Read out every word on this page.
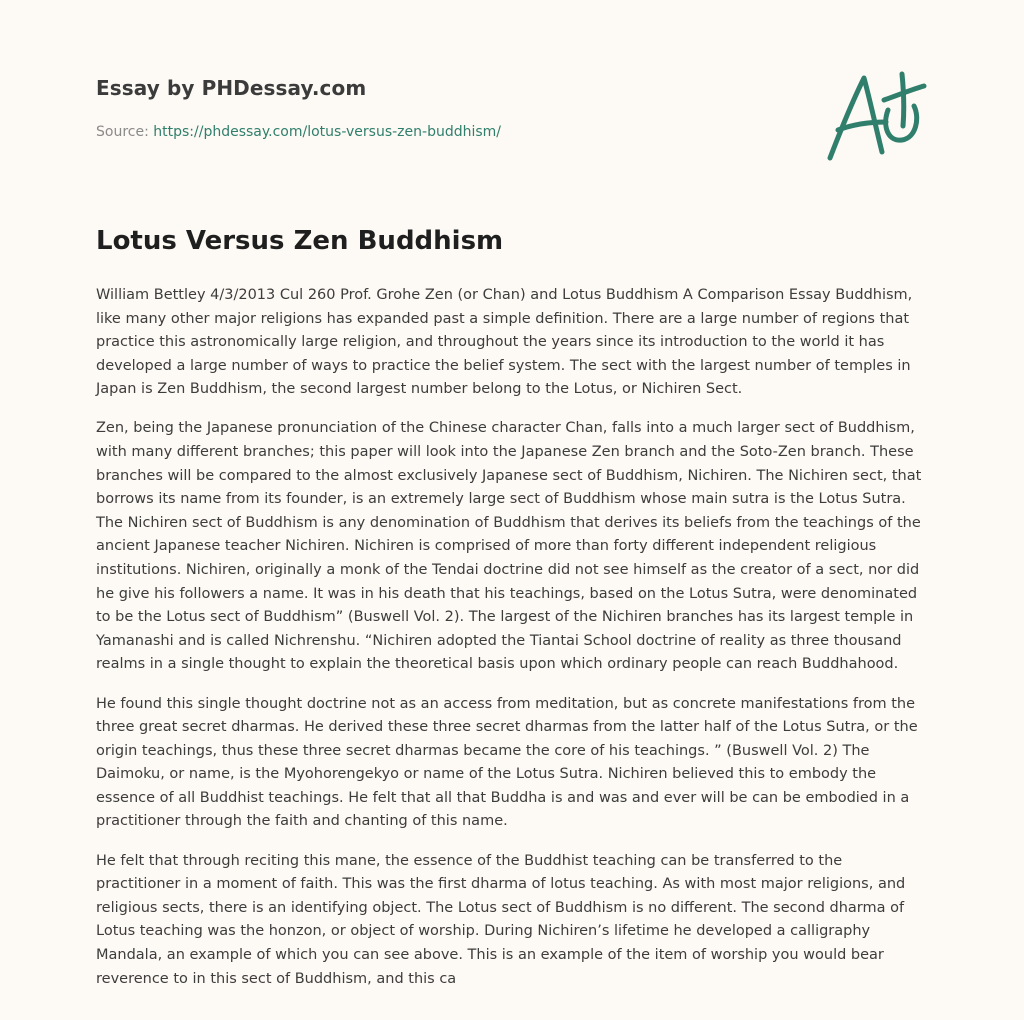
Essay by PHDessay.com
Source: https://phdessay.com/lotus-versus-zen-buddhism/
Lotus Versus Zen Buddhism

William Bettley 4/3/2013 Cul 260 Prof. Grohe Zen (or Chan) and Lotus Buddhism A Comparison Essay Buddhism, like many other major religions has expanded past a simple definition. There are a large number of regions that practice this astronomically large religion, and throughout the years since its introduction to the world it has developed a large number of ways to practice the belief system. The sect with the largest number of temples in Japan is Zen Buddhism, the second largest number belong to the Lotus, or Nichiren Sect.

Zen, being the Japanese pronunciation of the Chinese character Chan, falls into a much larger sect of Buddhism, with many different branches; this paper will look into the Japanese Zen branch and the Soto-Zen branch. These branches will be compared to the almost exclusively Japanese sect of Buddhism, Nichiren. The Nichiren sect, that borrows its name from its founder, is an extremely large sect of Buddhism whose main sutra is the Lotus Sutra. The Nichiren sect of Buddhism is any denomination of Buddhism that derives its beliefs from the teachings of the ancient Japanese teacher Nichiren. Nichiren is comprised of more than forty different independent religious institutions. Nichiren, originally a monk of the Tendai doctrine did not see himself as the creator of a sect, nor did he give his followers a name. It was in his death that his teachings, based on the Lotus Sutra, were denominated to be the Lotus sect of Buddhism” (Buswell Vol. 2). The largest of the Nichiren branches has its largest temple in Yamanashi and is called Nichrenshu. “Nichiren adopted the Tiantai School doctrine of reality as three thousand realms in a single thought to explain the theoretical basis upon which ordinary people can reach Buddhahood.

He found this single thought doctrine not as an access from meditation, but as concrete manifestations from the three great secret dharmas. He derived these three secret dharmas from the latter half of the Lotus Sutra, or the origin teachings, thus these three secret dharmas became the core of his teachings. ” (Buswell Vol. 2) The Daimoku, or name, is the Myohorengekyo or name of the Lotus Sutra. Nichiren believed this to embody the essence of all Buddhist teachings. He felt that all that Buddha is and was and ever will be can be embodied in a practitioner through the faith and chanting of this name.

He felt that through reciting this mane, the essence of the Buddhist teaching can be transferred to the practitioner in a moment of faith. This was the first dharma of lotus teaching. As with most major religions, and religious sects, there is an identifying object. The Lotus sect of Buddhism is no different. The second dharma of Lotus teaching was the honzon, or object of worship. During Nichiren’s lifetime he developed a calligraphy Mandala, an example of which you can see above. This is an example of the item of worship you would bear reverence to in this sect of Buddhism, and this ca
